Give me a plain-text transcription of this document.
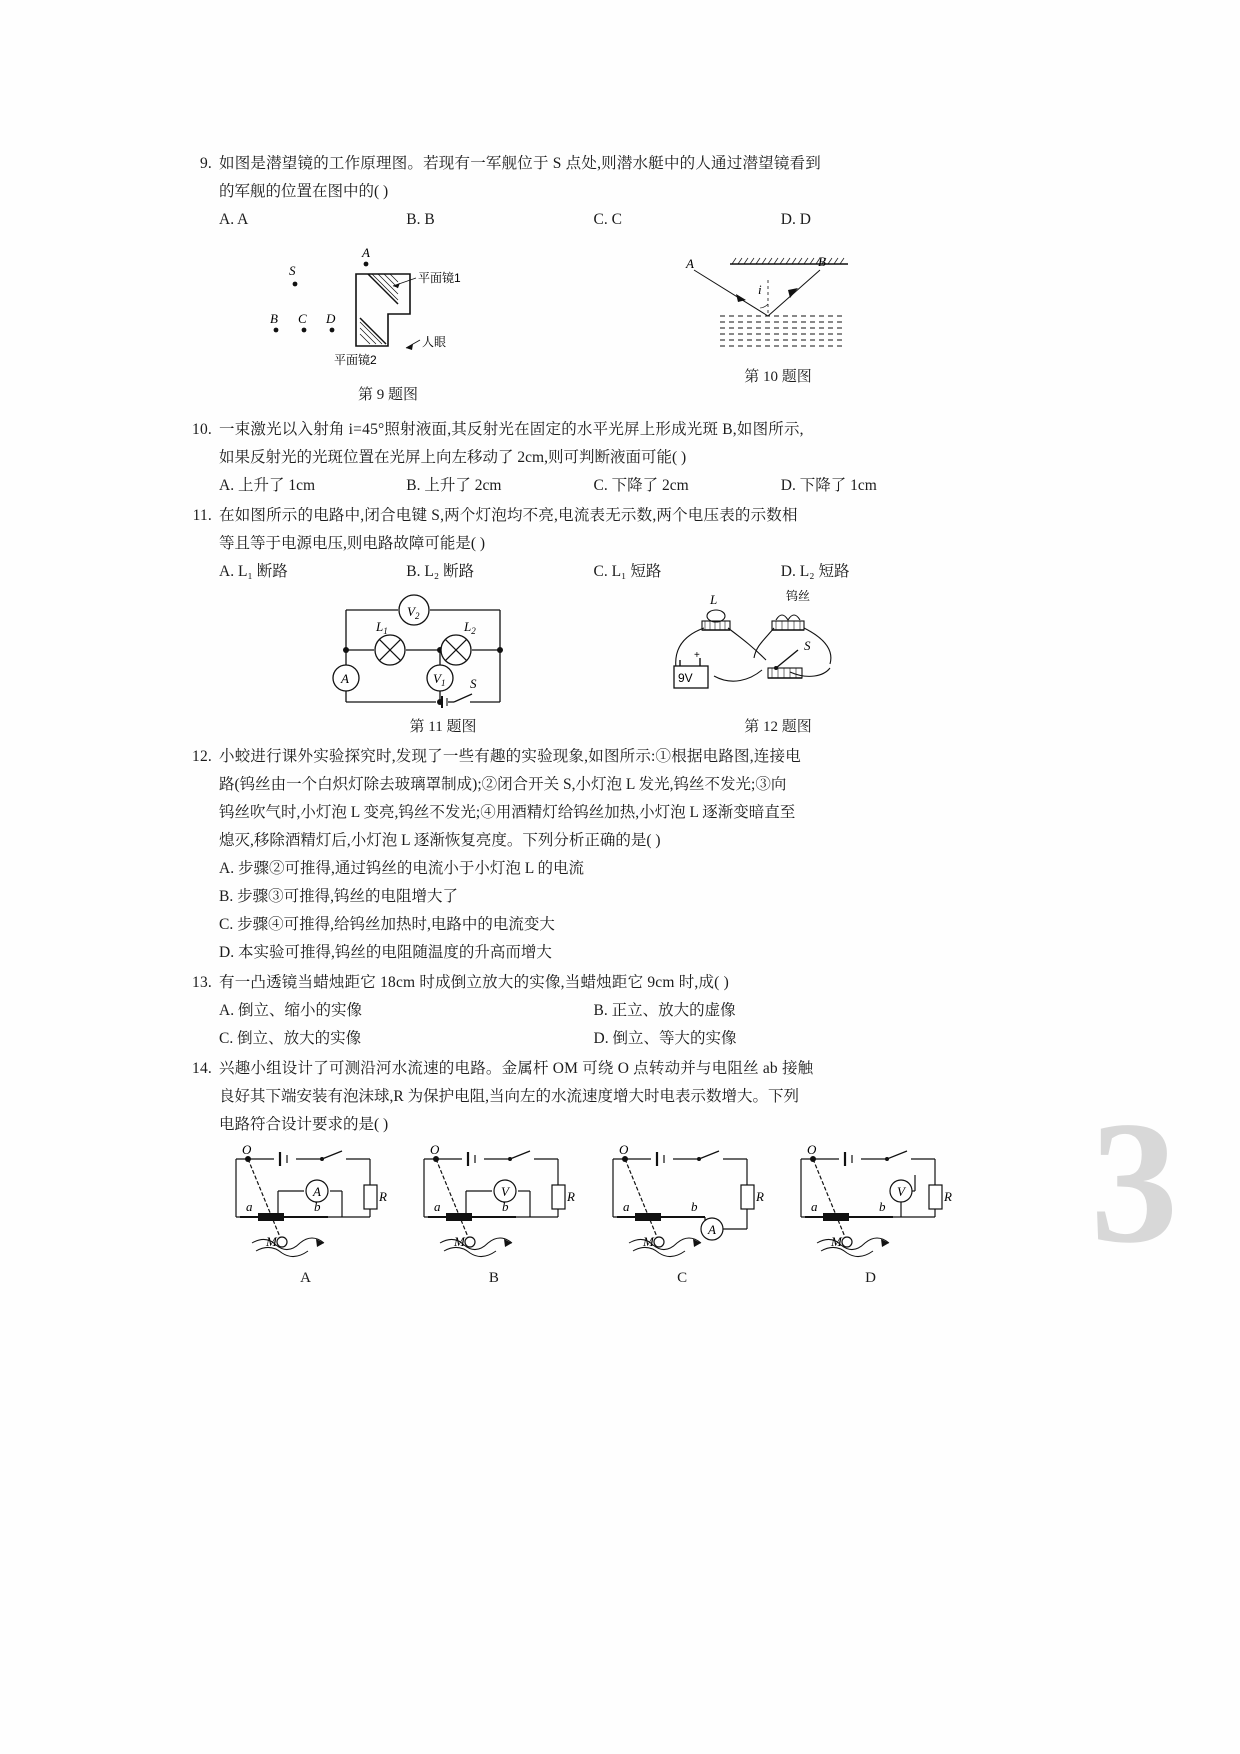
3
9. 如图是潜望镜的工作原理图。若现有一军舰位于 S 点处,则潜水艇中的人通过潜望镜看到
的军舰的位置在图中的( )
A. A	B. B	C. C	D. D
A
S	平面镜1
人眼
平面镜2
B C D
第 9 题图
A	B
i
第 10 题图
10. 一束激光以入射角 i=45°照射液面,其反射光在固定的水平光屏上形成光斑 B,如图所示,
如果反射光的光斑位置在光屏上向左移动了 2cm,则可判断液面可能( )
A. 上升了 1cm	B. 上升了 2cm	C. 下降了 2cm	D. 下降了 1cm
11. 在如图所示的电路中,闭合电键 S,两个灯泡均不亮,电流表无示数,两个电压表的示数相
等且等于电源电压,则电路故障可能是( )
A. L₁ 断路	B. L₂ 断路	C. L₁ 短路	D. L₂ 短路
$V_2$
$L_1$	$L_2$
A	$V_1$ S
第 11 题图
L	钨丝
9V
+
S
第 12 题图
12. 小蛟进行课外实验探究时,发现了一些有趣的实验现象,如图所示:①根据电路图,连接电
路(钨丝由一个白炽灯除去玻璃罩制成);②闭合开关 S,小灯泡 L 发光,钨丝不发光;③向
钨丝吹气时,小灯泡 L 变亮,钨丝不发光;④用酒精灯给钨丝加热,小灯泡 L 逐渐变暗直至
熄灭,移除酒精灯后,小灯泡 L 逐渐恢复亮度。下列分析正确的是( )
A. 步骤②可推得,通过钨丝的电流小于小灯泡 L 的电流
B. 步骤③可推得,钨丝的电阻增大了
C. 步骤④可推得,给钨丝加热时,电路中的电流变大
D. 本实验可推得,钨丝的电阻随温度的升高而增大
13. 有一凸透镜当蜡烛距它 18cm 时成倒立放大的实像,当蜡烛距它 9cm 时,成( )
A. 倒立、缩小的实像	B. 正立、放大的虚像
C. 倒立、放大的实像	D. 倒立、等大的实像
14. 兴趣小组设计了可测沿河水流速的电路。金属杆 OM 可绕 O 点转动并与电阻丝 ab 接触
良好其下端安装有泡沫球,R 为保护电阻,当向左的水流速度增大时电表示数增大。下列
电路符合设计要求的是( )
R
A
O
a	b
M
A
R
V
O
a	b
M
B
R
A
O
a	b
M
C
R
V
O
a	b
M
D
